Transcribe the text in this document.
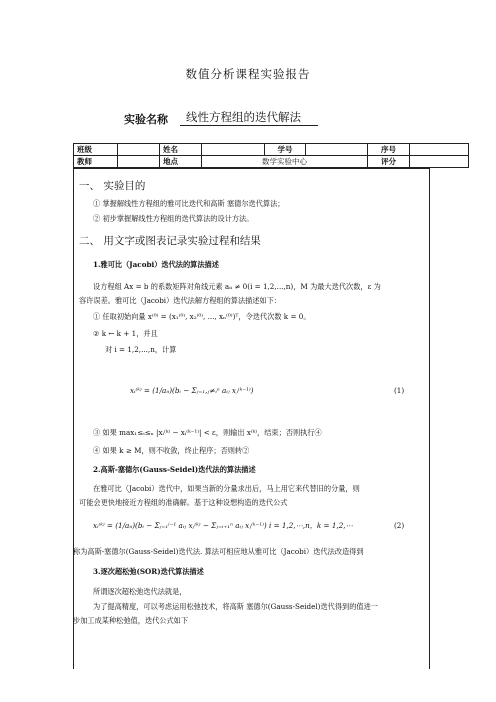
数值分析课程实验报告
实验名称 线性方程组的迭代解法
班级		姓名		学号		序号	
教师		地点	数学实验中心			评分	
一、 实验目的
① 掌握解线性方程组的雅可比迭代和高斯 塞德尔迭代算法；
② 初步掌握解线性方程组的迭代算法的设计方法。
二、 用文字或图表记录实验过程和结果
1.雅可比（Jacobi）迭代法的算法描述
设方程组 Ax = b 的系数矩阵对角线元素 aᵢᵢ ≠ 0(i = 1,2,...,n)，M 为最大迭代次数，ε 为
容许误差。雅可比（Jacobi）迭代法解方程组的算法描述如下：
① 任取初始向量 x⁽⁰⁾ = (x₁⁽⁰⁾, x₂⁽⁰⁾, ..., xₙ⁽⁰⁾)ᵀ，令迭代次数 k = 0。
② k ← k + 1，并且
对 i = 1,2,...,n，计算
xᵢ⁽ᵏ⁾ = (1/aᵢᵢ)(bᵢ − Σⱼ₌₁,ⱼ≠ᵢⁿ aᵢⱼ xⱼ⁽ᵏ⁻¹⁾)	(1)
③ 如果 max₁≤ᵢ≤ₙ |xᵢ⁽ᵏ⁾ − xᵢ⁽ᵏ⁻¹⁾| < ε，则输出 x⁽ᵏ⁾，结束；否则执行④
④ 如果 k ≥ M，则不收敛，终止程序；否则转②
2.高斯-塞德尔(Gauss-Seidel)迭代法的算法描述
在雅可比（Jacobi）迭代中，如果当新的分量求出后，马上用它来代替旧的分量，则
可能会更快地接近方程组的准确解。基于这种设想构造的迭代公式
xᵢ⁽ᵏ⁾ = (1/aᵢᵢ)(bᵢ − Σⱼ₌₁ⁱ⁻¹ aᵢⱼ xⱼ⁽ᵏ⁾ − Σⱼ₌ᵢ₊₁ⁿ aᵢⱼ xⱼ⁽ᵏ⁻¹⁾) i = 1,2,⋯,n，k = 1,2,⋯	(2)
称为高斯-塞德尔(Gauss-Seidel)迭代法. 算法可相应地从雅可比（Jacobi）迭代法改造得到
3.逐次超松弛(SOR)迭代算法描述
所谓逐次超松弛迭代法就是，
为了提高精度，可以考虑运用松弛技术，将高斯 塞德尔(Gauss-Seidel)迭代得到的值进一
步加工成某种松弛值，迭代公式如下
